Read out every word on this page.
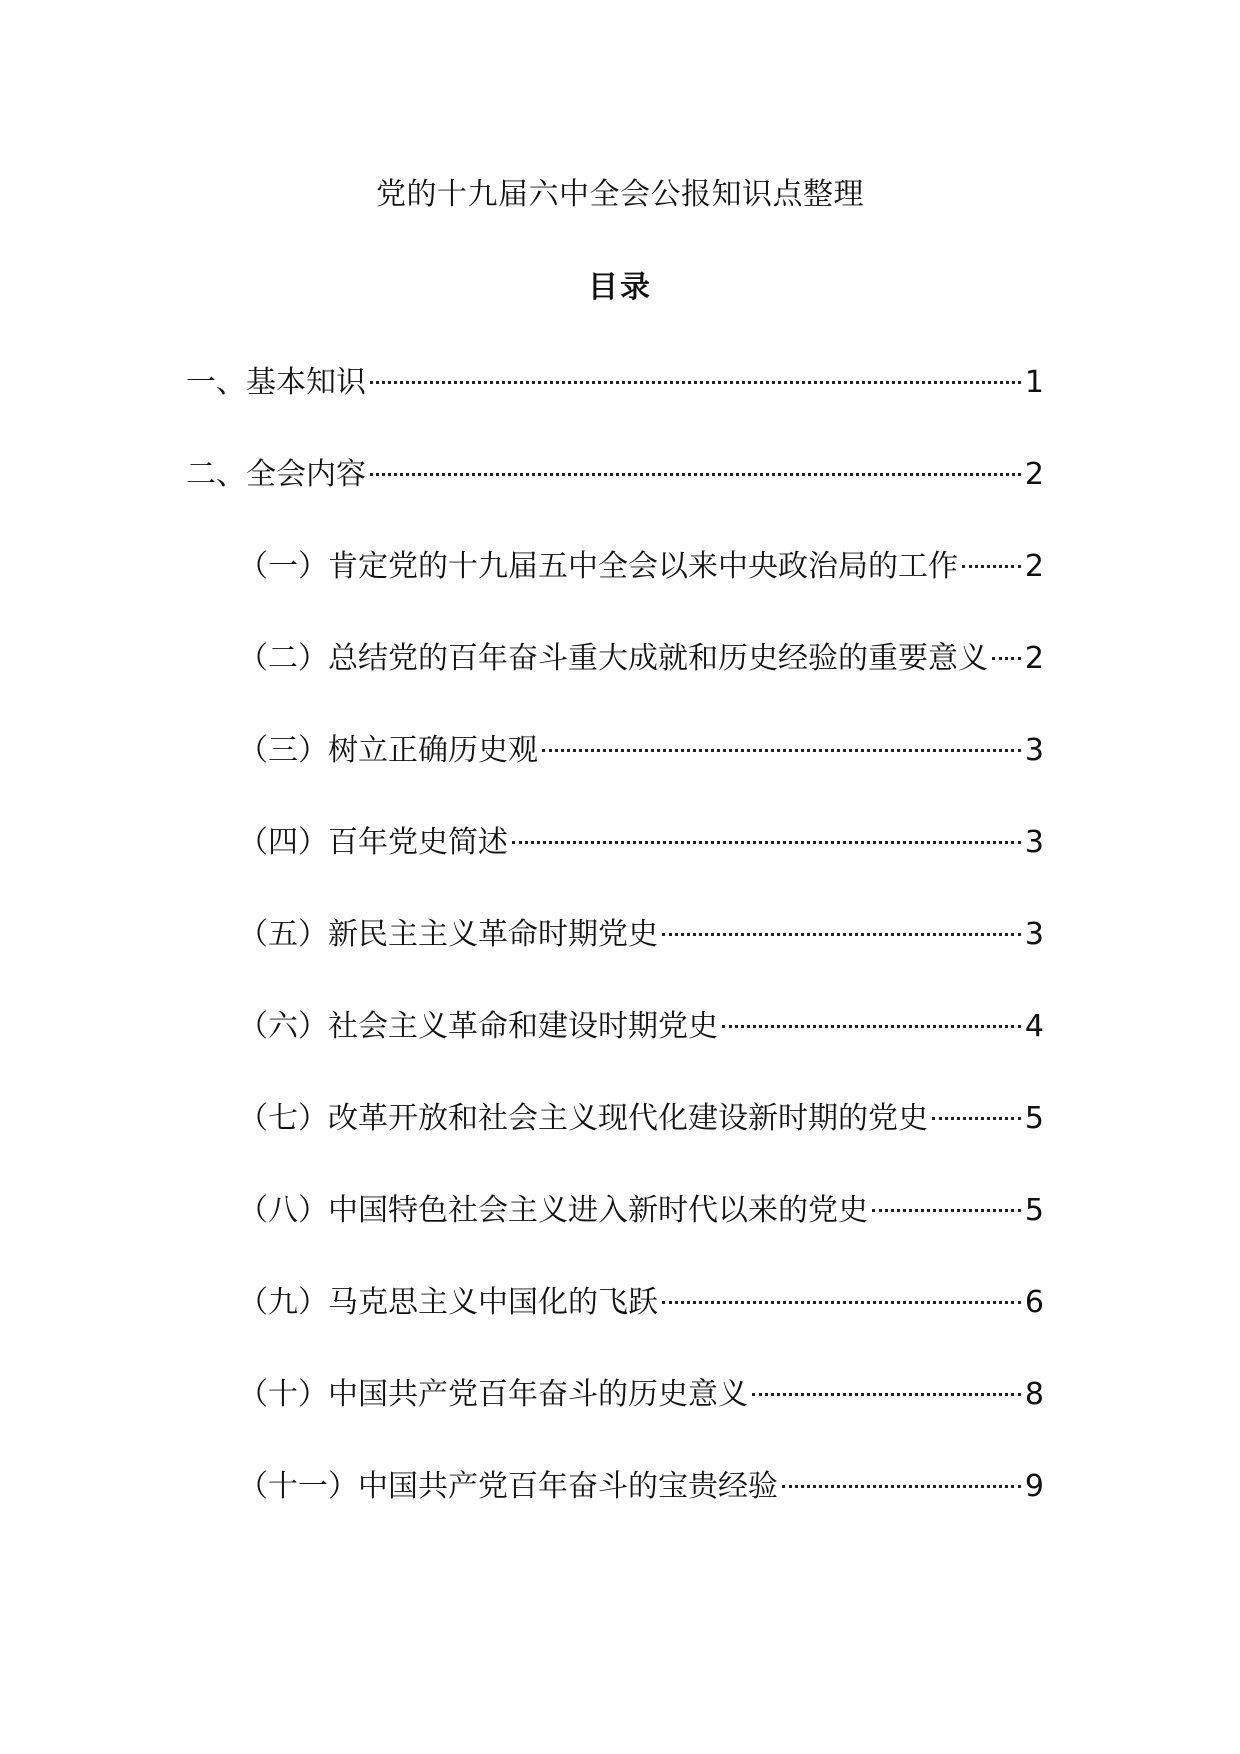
党的十九届六中全会公报知识点整理
目录
一、基本知识	1
二、全会内容	2
（一）肯定党的十九届五中全会以来中央政治局的工作 2
（二）总结党的百年奋斗重大成就和历史经验的重要意义 2
（三）树立正确历史观	3
（四）百年党史简述	3
（五）新民主主义革命时期党史	3
（六）社会主义革命和建设时期党史	4
（七）改革开放和社会主义现代化建设新时期的党史	5
（八）中国特色社会主义进入新时代以来的党史	5
（九）马克思主义中国化的飞跃	6
（十）中国共产党百年奋斗的历史意义	8
（十一）中国共产党百年奋斗的宝贵经验	9
